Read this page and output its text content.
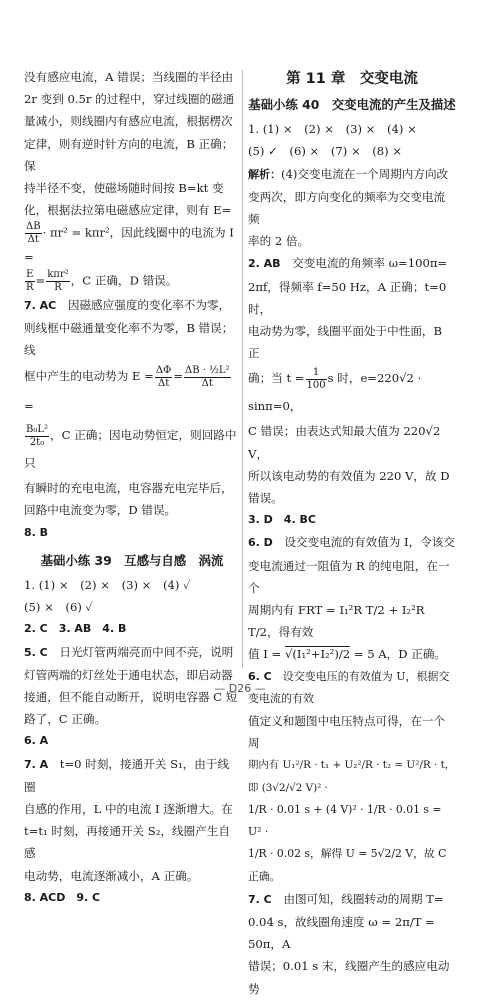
没有感应电流，A 错误；当线圈的半径由

2r 变到 0.5r 的过程中，穿过线圈的磁通

量减小，则线圈内有感应电流，根据楞次

定律，则有逆时针方向的电流，B 正确；保

持半径不变，使磁场随时间按 B=kt 变

化，根据法拉第电磁感应定律，则有 E=

$\frac{\Delta B}{\Delta t} \cdot \pi r^2 = k\pi r^2$，因此线圈中的电流为 I =

$\frac{E}{R} = k\pi r^2$
R ，C 正确，D 错误。

7. AC　 因磁感应强度的变化率不为零，

则线框中磁通量变化率不为零，B 错误；线

框中产生的电动势为 $E = \frac{\Delta\Phi}{\Delta t} = \frac{\text{ΔB · ½L²}}{\Delta t}$
=

$\frac{\text{B₀L²}}{\text{2t₀}}$ ，C 正确；因电动势恒定，则回路中只

有瞬时的充电电流，电容器充电完毕后，

回路中电流变为零，D 错误。

8. B

基础小练 39　互感与自感　涡流

1. (1) ×　(2) ×　(3) ×　(4) ✓

(5) ×　(6) ✓

2. C　3. AB　4. B

5. C　 日光灯管两端亮而中间不亮，说明

灯管两端的灯丝处于通电状态，即启动器

接通，但不能自动断开，说明电容器 C 短

路了，C 正确。

6. A

7. A　 t=0 时刻，接通开关 S₁，由于线圈

自感的作用，L 中的电流 I 逐渐增大。在

t=t₁ 时刻，再接通开关 S₂，线圈产生自感

电动势，电流逐渐减小，A 正确。

8. ACD　9. C

第 11 章　交变电流

基础小练 40　交变电流的产生及描述

1. (1) ×　(2) ×　(3) ×　(4) ×

(5) ✓　(6) ×　(7) ×　(8) ×

解析：(4)交变电流在一个周期内方向改

变两次，即方向变化的频率为交变电流频

率的 2 倍。

2. AB　 交变电流的角频率 ω=100π=

2πf，得频率 f=50 Hz，A 正确；t=0 时，

电动势为零，线圈平面处于中性面，B 正

确；当 $t = \frac{1}{100}$ s 时，e=220√2 · sinπ=0，

C 错误；由表达式知最大值为 220√2 V，

所以该电动势的有效值为 220 V，故 D

错误。

3. D　4. BC

6. D　 设交变电流的有效值为 I，令该交

变电流通过一阻值为 R 的纯电阻，在一个

周期内有 FRT = I₁²R T/2 + I₂²R T/2，得有效

值 I = √(I₁²+I₂²)/2 = 5 A，D 正确。

6. C　 设交变电压的有效值为 U，根据交变电流的有效

值定义和题图中电压特点可得，在一个周

期内有 U₁²/R · t₁ + U₂²/R · t₂ = U²/R · t，即 (3√2/√2 V)² ·

1/R · 0.01 s + (4 V)² · 1/R · 0.01 s = U² ·

1/R · 0.02 s，解得 U = 5√2/2 V，故 C 正确。

7. C　 由图可知，线圈转动的周期 T=

0.04 s，故线圈角速度 ω = 2π/T = 50π，A

错误；0.01 s 末，线圈产生的感应电动势

— D26 —
